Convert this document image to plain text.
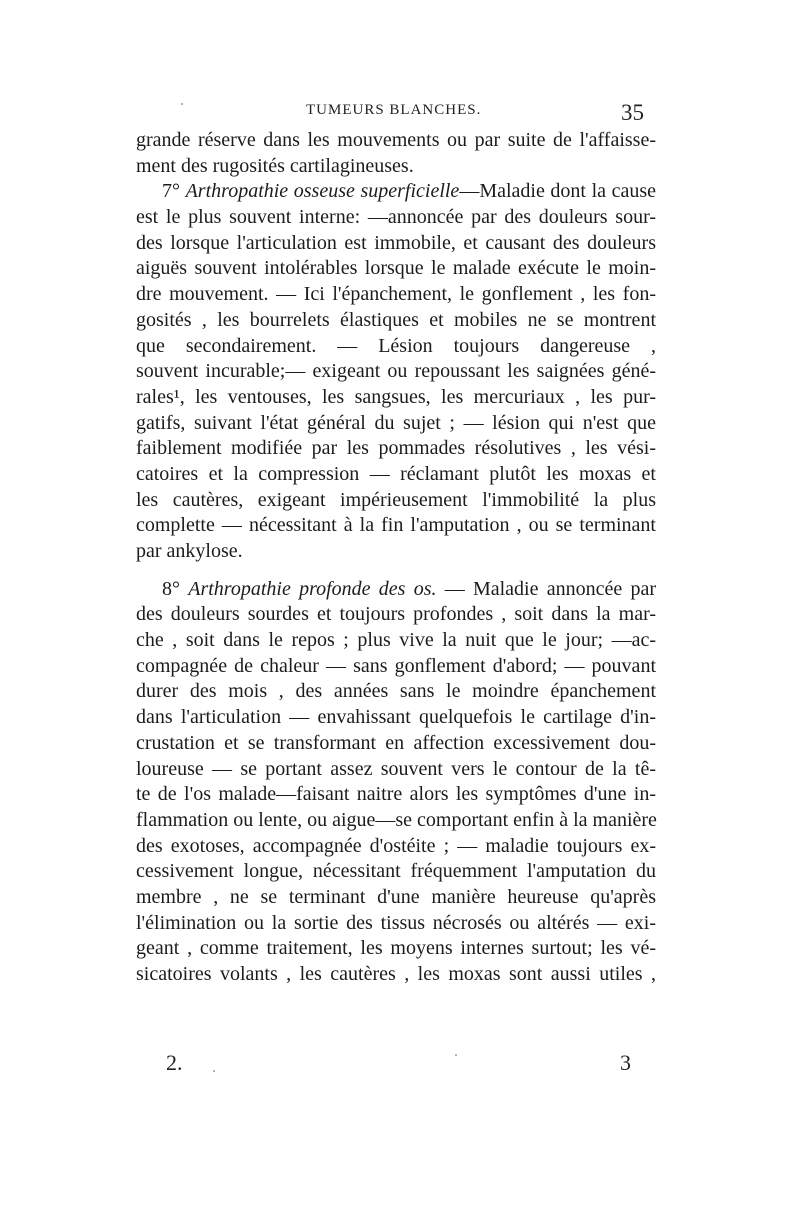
TUMEURS BLANCHES.	35
grande réserve dans les mouvements ou par suite de l'affaisse-
ment des rugosités cartilagineuses.
7° Arthropathie osseuse superficielle—Maladie dont la cause
est le plus souvent interne: —annoncée par des douleurs sour-
des lorsque l'articulation est immobile, et causant des douleurs
aiguës souvent intolérables lorsque le malade exécute le moin-
dre mouvement. — Ici l'épanchement, le gonflement , les fon-
gosités , les bourrelets élastiques et mobiles ne se montrent
que secondairement. — Lésion toujours dangereuse ,
souvent incurable;— exigeant ou repoussant les saignées géné-
rales¹, les ventouses, les sangsues, les mercuriaux , les pur-
gatifs, suivant l'état général du sujet ; — lésion qui n'est que
faiblement modifiée par les pommades résolutives , les vési-
catoires et la compression — réclamant plutôt les moxas et
les cautères, exigeant impérieusement l'immobilité la plus
complette — nécessitant à la fin l'amputation , ou se terminant
par ankylose.
8° Arthropathie profonde des os. — Maladie annoncée par
des douleurs sourdes et toujours profondes , soit dans la mar-
che , soit dans le repos ; plus vive la nuit que le jour; —ac-
compagnée de chaleur — sans gonflement d'abord; — pouvant
durer des mois , des années sans le moindre épanchement
dans l'articulation — envahissant quelquefois le cartilage d'in-
crustation et se transformant en affection excessivement dou-
loureuse — se portant assez souvent vers le contour de la tê-
te de l'os malade—faisant naitre alors les symptômes d'une in-
flammation ou lente, ou aigue—se comportant enfin à la manière
des exotoses, accompagnée d'ostéite ; — maladie toujours ex-
cessivement longue, nécessitant fréquemment l'amputation du
membre , ne se terminant d'une manière heureuse qu'après
l'élimination ou la sortie des tissus nécrosés ou altérés — exi-
geant , comme traitement, les moyens internes surtout; les vé-
sicatoires volants , les cautères , les moxas sont aussi utiles ,
2.	3
